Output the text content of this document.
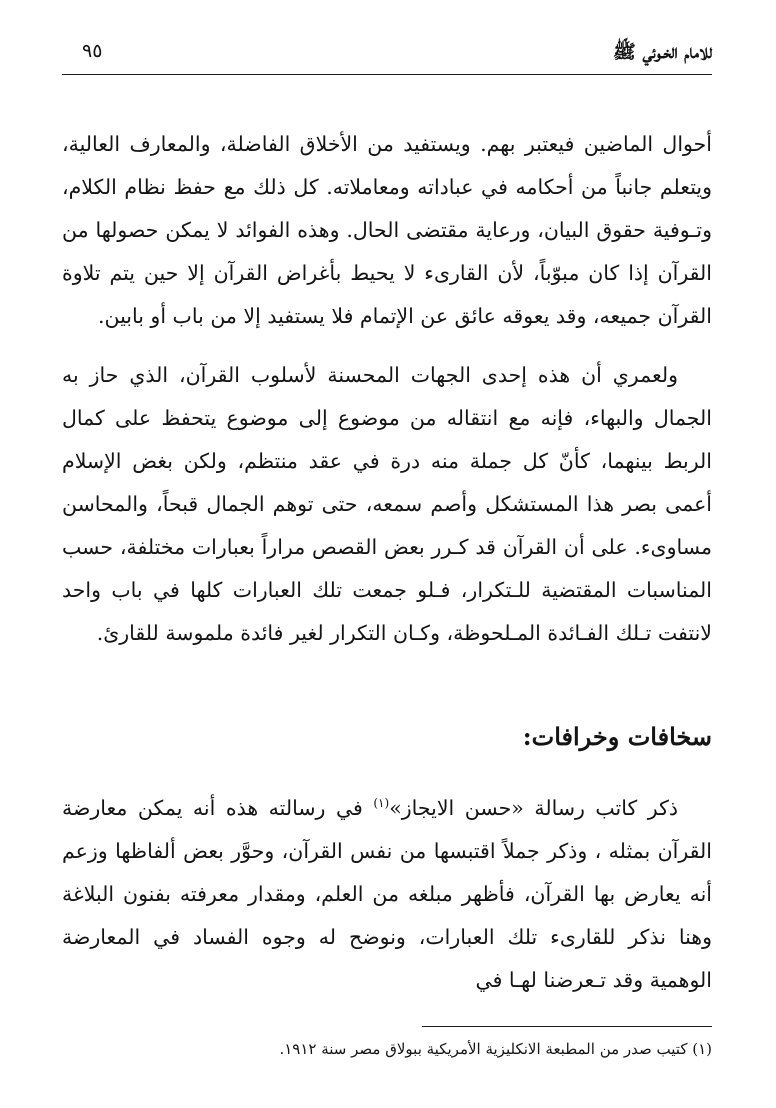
للامام الخـوئي ﷺ
٩٥

أحوال الماضين فيعتبر بهم. ويستفيد من الأخلاق الفاضلة، والمعارف العالية، ويتعلم جانباً من أحكامه في عباداته ومعاملاته. كل ذلك مع حفظ نظام الكلام، وتـوفية حقوق البيان، ورعاية مقتضى الحال. وهذه الفوائد لا يمكن حصولها من القرآن إذا كان مبوّباً، لأن القارىء لا يحيط بأغراض القرآن إلا حين يتم تلاوة القرآن جميعه، وقد يعوقه عائق عن الإتمام فلا يستفيد إلا من باب أو بابين.

ولعمري أن هذه إحدى الجهات المحسنة لأسلوب القرآن، الذي حاز به الجمال والبهاء، فإنه مع انتقاله من موضوع إلى موضوع يتحفظ على كمال الربط بينهما، كأنّ كل جملة منه درة في عقد منتظم، ولكن بغض الإسلام أعمى بصر هذا المستشكل وأصم سمعه، حتى توهم الجمال قبحاً، والمحاسن مساوىء. على أن القرآن قد كـرر بعض القصص مراراً بعبارات مختلفة، حسب المناسبات المقتضية للـتكرار، فـلو جمعت تلك العبارات كلها في باب واحد لانتفت تـلك الفـائدة المـلحوظة، وكـان التكرار لغير فائدة ملموسة للقارئ.

سخافات وخرافات:

ذكر كاتب رسالة «حسن الايجاز»$^{(١)}$ في رسالته هذه أنه يمكن معارضة القرآن بمثله ، وذكر جملاً اقتبسها من نفس القرآن، وحوَّر بعض ألفاظها وزعم أنه يعارض بها القرآن، فأظهر مبلغه من العلم، ومقدار معرفته بفنون البلاغة وهنا نذكر للقارىء تلك العبارات، ونوضح له وجوه الفساد في المعارضة الوهمية وقد تـعرضنا لهـا في

(١) كتيب صدر من المطبعة الانكليزية الأمريكية ببولاق مصر سنة ١٩١٢.
